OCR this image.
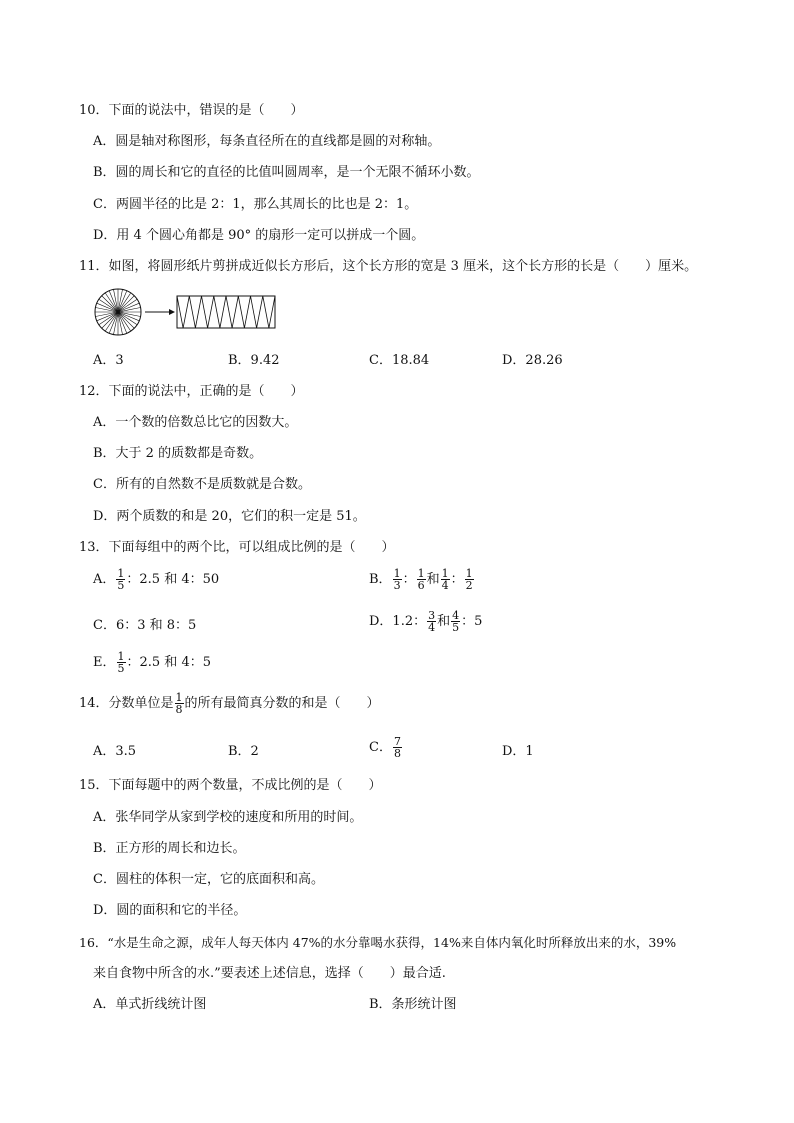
10．下面的说法中，错误的是（　　）
A．圆是轴对称图形，每条直径所在的直线都是圆的对称轴。
B．圆的周长和它的直径的比值叫圆周率，是一个无限不循环小数。
C．两圆半径的比是 2：1，那么其周长的比也是 2：1。
D．用 4 个圆心角都是 90° 的扇形一定可以拼成一个圆。
11．如图，将圆形纸片剪拼成近似长方形后，这个长方形的宽是 3 厘米，这个长方形的长是（　　）厘米。
A．3	B．9.42	C．18.84	D．28.26
12．下面的说法中，正确的是（　　）
A．一个数的倍数总比它的因数大。
B．大于 2 的质数都是奇数。
C．所有的自然数不是质数就是合数。
D．两个质数的和是 20，它们的积一定是 51。
13．下面每组中的两个比，可以组成比例的是（　　）
A． $\frac{1}{5}$ ：2.5 和 4：50	B． $\frac{1}{3}$ ： $\frac{1}{6}$ 和 $\frac{1}{4}$ ： $\frac{1}{2}$
C．6：3 和 8：5	D．1.2： $\frac{3}{4}$ 和 $\frac{4}{5}$ ：5
E． $\frac{1}{5}$ ：2.5 和 4：5
14．分数单位是 $\frac{1}{8}$ 的所有最简真分数的和是（　　）
A．3.5	B．2	C． $\frac{7}{8}$	D．1
15．下面每题中的两个数量，不成比例的是（　　）
A．张华同学从家到学校的速度和所用的时间。
B．正方形的周长和边长。
C．圆柱的体积一定，它的底面积和高。
D．圆的面积和它的半径。
16．“水是生命之源，成年人每天体内 47%的水分靠喝水获得，14%来自体内氧化时所释放出来的水，39%
来自食物中所含的水.”要表述上述信息，选择（　　）最合适.
A．单式折线统计图	B．条形统计图
